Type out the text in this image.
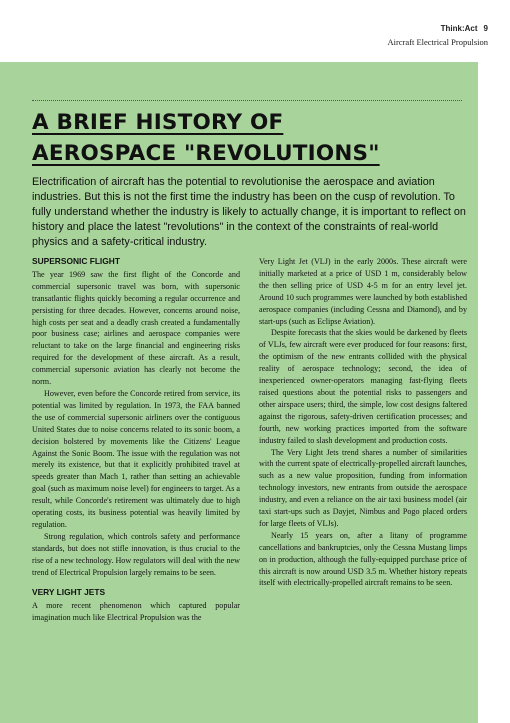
Think:Act 9
Aircraft Electrical Propulsion
A BRIEF HISTORY OF
AEROSPACE "REVOLUTIONS"

Electrification of aircraft has the potential to revolutionise the aerospace and aviation industries. But this is not the first time the industry has been on the cusp of revolution. To fully understand whether the industry is likely to actually change, it is important to reflect on history and place the latest "revolutions" in the context of the constraints of real-world physics and a safety-critical industry.

SUPERSONIC FLIGHT

The year 1969 saw the first flight of the Concorde and commercial supersonic travel was born, with supersonic transatlantic flights quickly becoming a regular occurrence and persisting for three decades. However, concerns around noise, high costs per seat and a deadly crash created a fundamentally poor business case; airlines and aerospace companies were reluctant to take on the large financial and engineering risks required for the development of these aircraft. As a result, commercial supersonic aviation has clearly not become the norm.

However, even before the Concorde retired from service, its potential was limited by regulation. In 1973, the FAA banned the use of commercial supersonic airliners over the contiguous United States due to noise concerns related to its sonic boom, a decision bolstered by movements like the Citizens' League Against the Sonic Boom. The issue with the regulation was not merely its existence, but that it explicitly prohibited travel at speeds greater than Mach 1, rather than setting an achievable goal (such as maximum noise level) for engineers to target. As a result, while Concorde's retirement was ultimately due to high operating costs, its business potential was heavily limited by regulation.

Strong regulation, which controls safety and performance standards, but does not stifle innovation, is thus crucial to the rise of a new technology. How regulators will deal with the new trend of Electrical Propulsion largely remains to be seen.

VERY LIGHT JETS

A more recent phenomenon which captured popular imagination much like Electrical Propulsion was the

Very Light Jet (VLJ) in the early 2000s. These aircraft were initially marketed at a price of USD 1 m, considerably below the then selling price of USD 4-5 m for an entry level jet. Around 10 such programmes were launched by both established aerospace companies (including Cessna and Diamond), and by start-ups (such as Eclipse Aviation).

Despite forecasts that the skies would be darkened by fleets of VLJs, few aircraft were ever produced for four reasons: first, the optimism of the new entrants collided with the physical reality of aerospace technology; second, the idea of inexperienced owner-operators managing fast-flying fleets raised questions about the potential risks to passengers and other airspace users; third, the simple, low cost designs faltered against the rigorous, safety-driven certification processes; and fourth, new working practices imported from the software industry failed to slash development and production costs.

The Very Light Jets trend shares a number of similarities with the current spate of electrically-propelled aircraft launches, such as a new value proposition, funding from information technology investors, new entrants from outside the aerospace industry, and even a reliance on the air taxi business model (air taxi start-ups such as Dayjet, Nimbus and Pogo placed orders for large fleets of VLJs).

Nearly 15 years on, after a litany of programme cancellations and bankruptcies, only the Cessna Mustang limps on in production, although the fully-equipped purchase price of this aircraft is now around USD 3.5 m. Whether history repeats itself with electrically-propelled aircraft remains to be seen.
